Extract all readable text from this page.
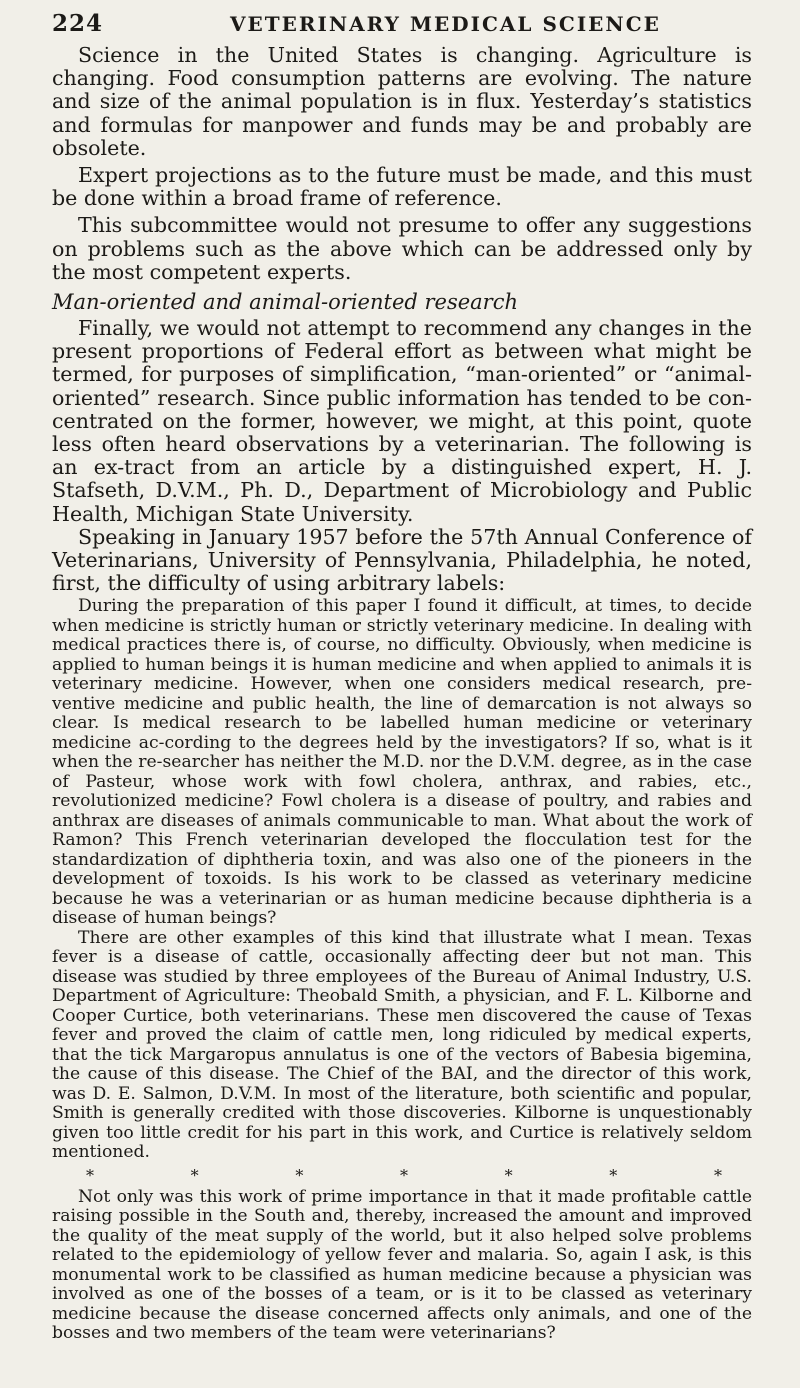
224	VETERINARY MEDICAL SCIENCE

Science in the United States is changing. Agriculture is changing. Food consumption patterns are evolving. The nature and size of the animal population is in flux. Yesterday’s statistics and formulas for manpower and funds may be and probably are obsolete.

Expert projections as to the future must be made, and this must be done within a broad frame of reference.

This subcommittee would not presume to offer any suggestions on problems such as the above which can be addressed only by the most competent experts.

Man-oriented and animal-oriented research

Finally, we would not attempt to recommend any changes in the present proportions of Federal effort as between what might be termed, for purposes of simplification, “man-oriented” or “animal-oriented” research. Since public information has tended to be con-centrated on the former, however, we might, at this point, quote less often heard observations by a veterinarian. The following is an ex-tract from an article by a distinguished expert, H. J. Stafseth, D.V.M., Ph. D., Department of Microbiology and Public Health, Michigan State University.

Speaking in January 1957 before the 57th Annual Conference of Veterinarians, University of Pennsylvania, Philadelphia, he noted, first, the difficulty of using arbitrary labels:

During the preparation of this paper I found it difficult, at times, to decide when medicine is strictly human or strictly veterinary medicine. In dealing with medical practices there is, of course, no difficulty. Obviously, when medicine is applied to human beings it is human medicine and when applied to animals it is veterinary medicine. However, when one considers medical research, pre-ventive medicine and public health, the line of demarcation is not always so clear. Is medical research to be labelled human medicine or veterinary medicine ac-cording to the degrees held by the investigators? If so, what is it when the re-searcher has neither the M.D. nor the D.V.M. degree, as in the case of Pasteur, whose work with fowl cholera, anthrax, and rabies, etc., revolutionized medicine? Fowl cholera is a disease of poultry, and rabies and anthrax are diseases of animals communicable to man. What about the work of Ramon? This French veterinarian developed the flocculation test for the standardization of diphtheria toxin, and was also one of the pioneers in the development of toxoids. Is his work to be classed as veterinary medicine because he was a veterinarian or as human medicine because diphtheria is a disease of human beings?

There are other examples of this kind that illustrate what I mean. Texas fever is a disease of cattle, occasionally affecting deer but not man. This disease was studied by three employees of the Bureau of Animal Industry, U.S. Department of Agriculture: Theobald Smith, a physician, and F. L. Kilborne and Cooper Curtice, both veterinarians. These men discovered the cause of Texas fever and proved the claim of cattle men, long ridiculed by medical experts, that the tick Margaropus annulatus is one of the vectors of Babesia bigemina, the cause of this disease. The Chief of the BAI, and the director of this work, was D. E. Salmon, D.V.M. In most of the literature, both scientific and popular, Smith is generally credited with those discoveries. Kilborne is unquestionably given too little credit for his part in this work, and Curtice is relatively seldom mentioned.

*	*	*	*	*	*	*

Not only was this work of prime importance in that it made profitable cattle raising possible in the South and, thereby, increased the amount and improved the quality of the meat supply of the world, but it also helped solve problems related to the epidemiology of yellow fever and malaria. So, again I ask, is this monumental work to be classified as human medicine because a physician was involved as one of the bosses of a team, or is it to be classed as veterinary medicine because the disease concerned affects only animals, and one of the bosses and two members of the team were veterinarians?
